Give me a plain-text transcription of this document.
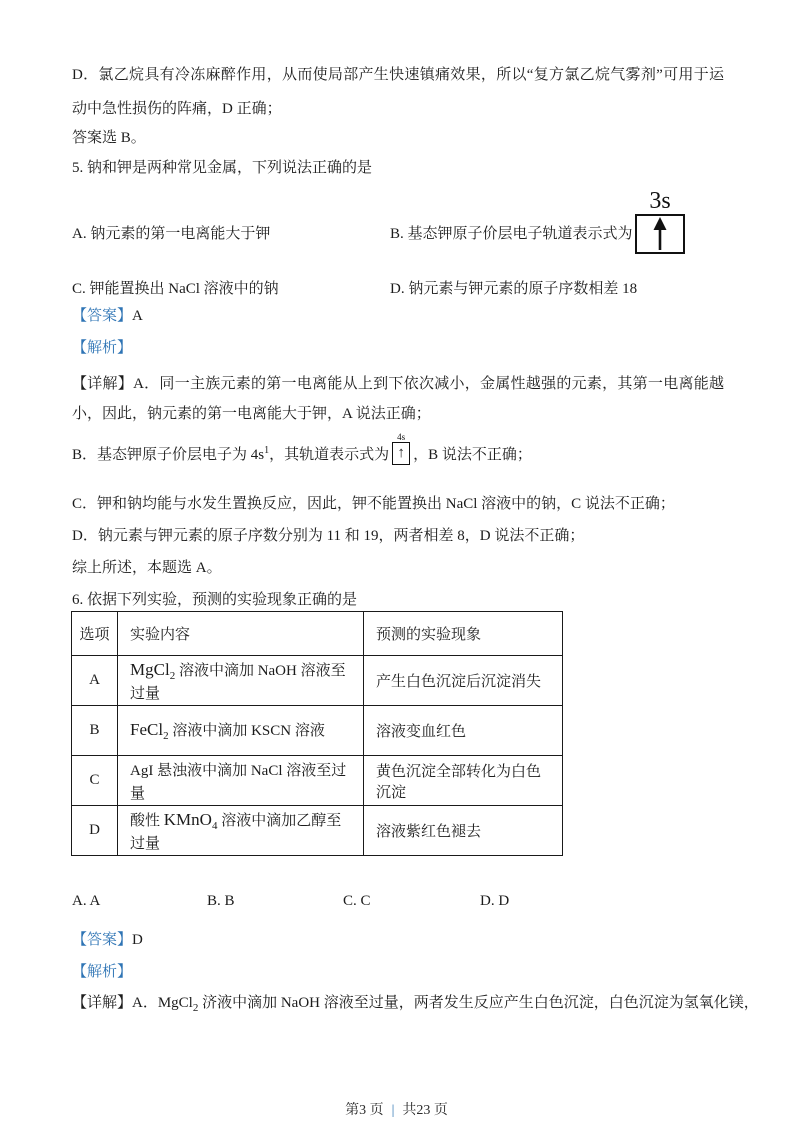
D．氯乙烷具有冷冻麻醉作用，从而使局部产生快速镇痛效果，所以“复方氯乙烷气雾剂”可用于运动中急性损伤的阵痛，D 正确；
答案选 B。
5. 钠和钾是两种常见金属，下列说法正确的是
A. 钠元素的第一电离能大于钾	B. 基态钾原子价层电子轨道表示式为
3s
C. 钾能置换出 NaCl 溶液中的钠	D. 钠元素与钾元素的原子序数相差 18
【答案】A
【解析】
【详解】A．同一主族元素的第一电离能从上到下依次减小，金属性越强的元素，其第一电离能越小，因此，钠元素的第一电离能大于钾，A 说法正确；
B．基态钾原子价层电子为 $4s^1$，其轨道表示式为
4s
↑ ，B 说法不正确；
C．钾和钠均能与水发生置换反应，因此，钾不能置换出 NaCl 溶液中的钠，C 说法不正确；
D．钠元素与钾元素的原子序数分别为 11 和 19，两者相差 8，D 说法不正确；
综上所述，本题选 A。
6. 依据下列实验，预测的实验现象正确的是
选项	实验内容	预测的实验现象
A	MgCl$_2$ 溶液中滴加 NaOH 溶液至过量	产生白色沉淀后沉淀消失
B	FeCl$_2$ 溶液中滴加 KSCN 溶液	溶液变血红色
C	AgI 悬浊液中滴加 NaCl 溶液至过量	黄色沉淀全部转化为白色沉淀
D	酸性 KMnO$_4$ 溶液中滴加乙醇至过量	溶液紫红色褪去
A. A	B. B	C. C	D. D
【答案】D
【解析】
【详解】A．MgCl$_2$ 济液中滴加 NaOH 溶液至过量，两者发生反应产生白色沉淀，白色沉淀为氢氧化镁，
第3 页 | 共23 页
